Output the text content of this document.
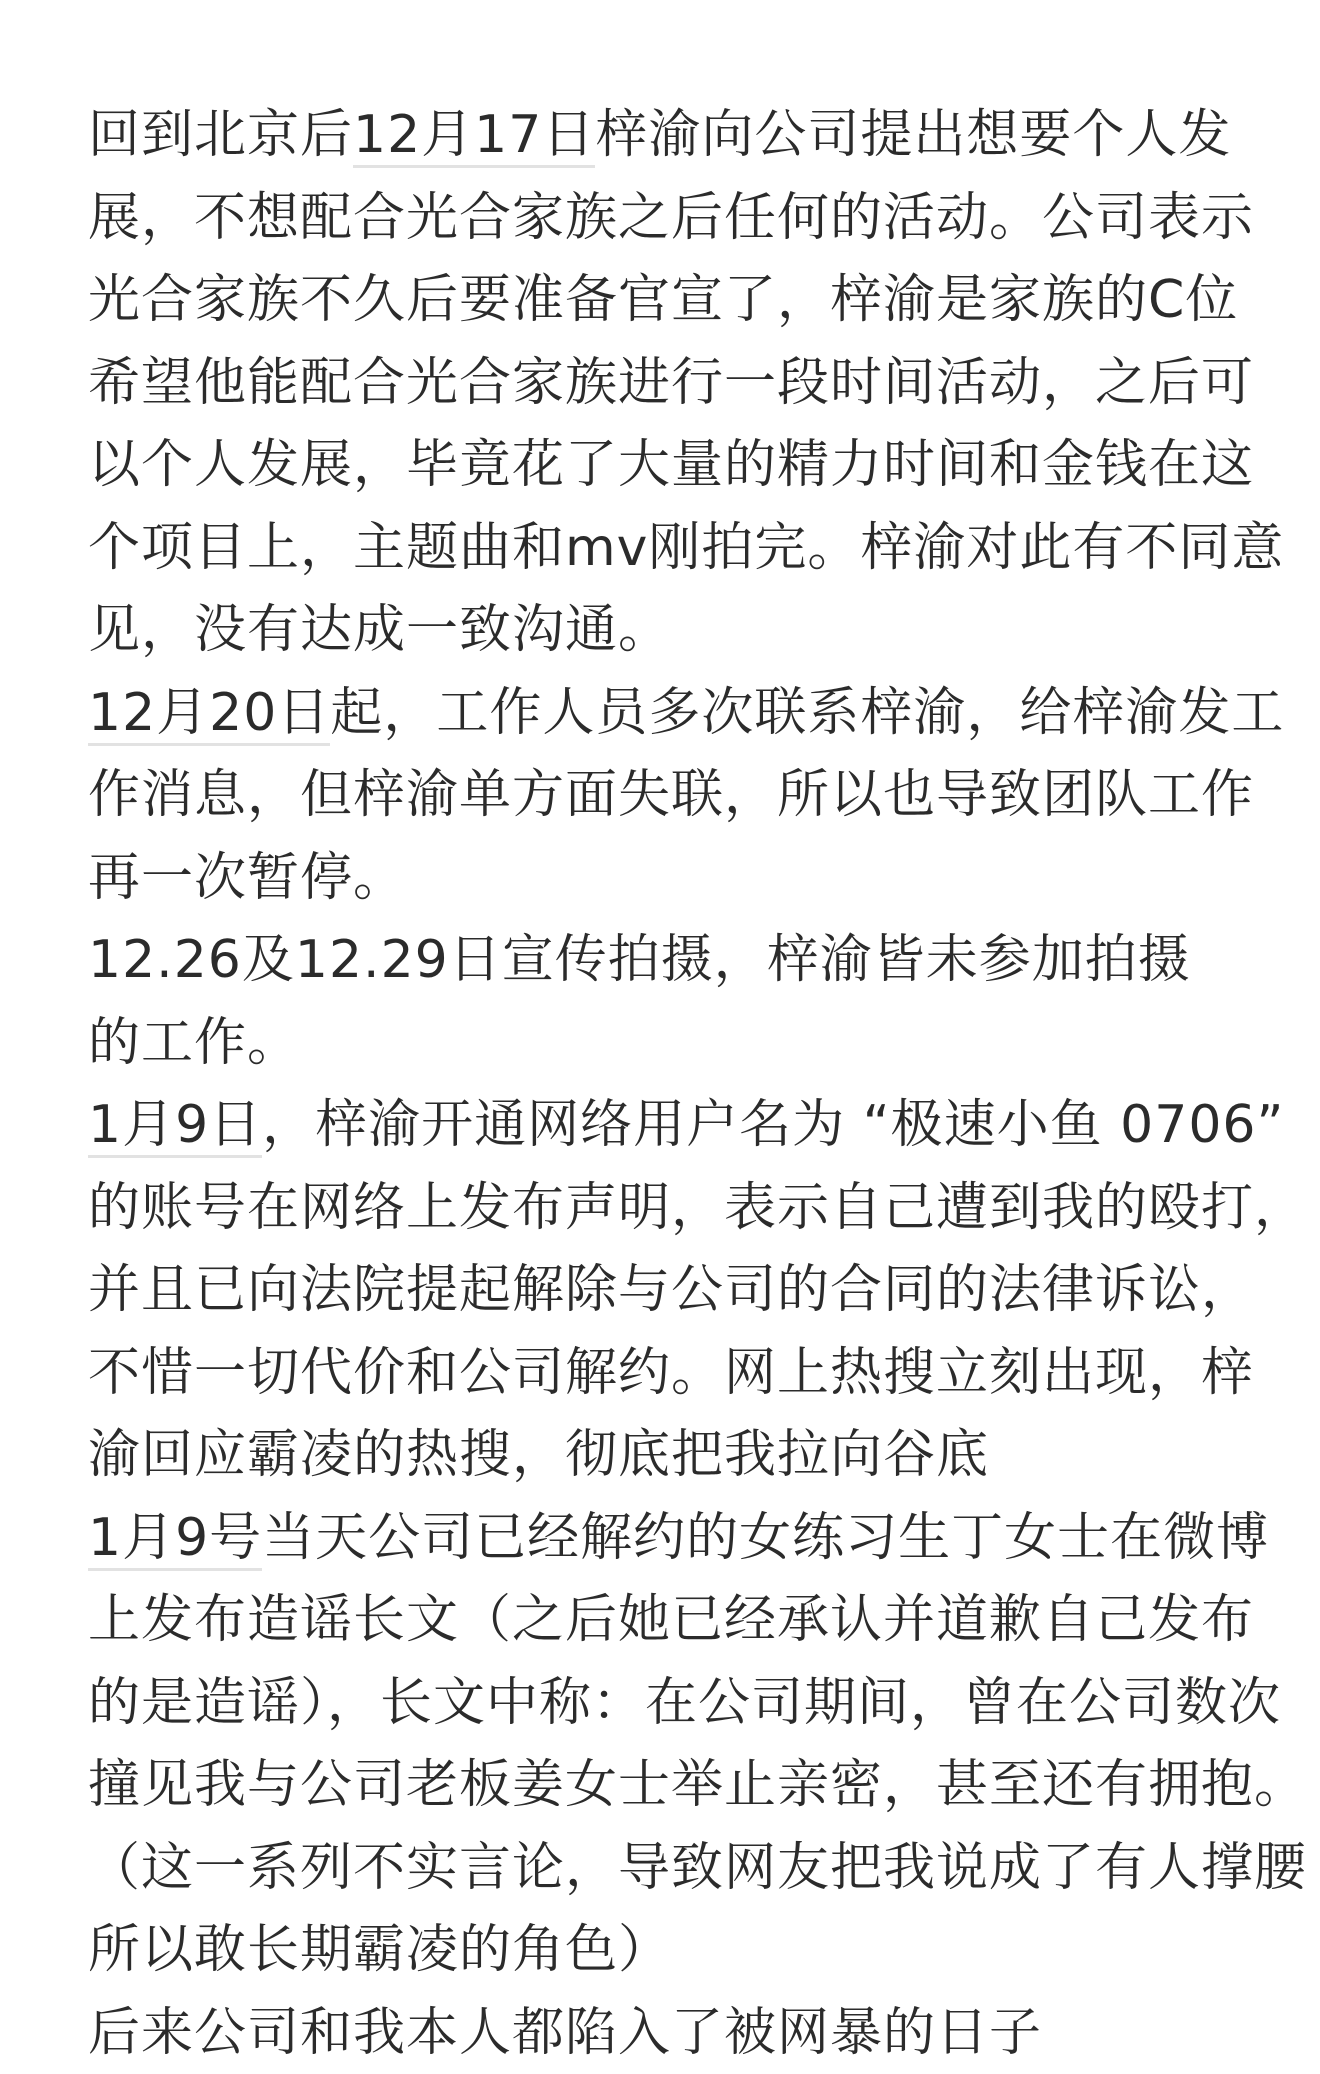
回到北京后12月17日梓渝向公司提出想要个人发
展，不想配合光合家族之后任何的活动。公司表示
光合家族不久后要准备官宣了，梓渝是家族的C位
希望他能配合光合家族进行一段时间活动，之后可
以个人发展，毕竟花了大量的精力时间和金钱在这
个项目上，主题曲和mv刚拍完。梓渝对此有不同意
见，没有达成一致沟通。
12月20日起，工作人员多次联系梓渝，给梓渝发工
作消息，但梓渝单方面失联，所以也导致团队工作
再一次暂停。
12.26及12.29日宣传拍摄，梓渝皆未参加拍摄
的工作。
1月9日，梓渝开通网络用户名为 “极速小鱼 0706”
的账号在网络上发布声明，表示自己遭到我的殴打，
并且已向法院提起解除与公司的合同的法律诉讼，
不惜一切代价和公司解约。网上热搜立刻出现，梓
渝回应霸凌的热搜，彻底把我拉向谷底
1月9号当天公司已经解约的女练习生丁女士在微博
上发布造谣长文（之后她已经承认并道歉自己发布
的是造谣），长文中称：在公司期间，曾在公司数次
撞见我与公司老板姜女士举止亲密，甚至还有拥抱。
（这一系列不实言论，导致网友把我说成了有人撑腰
所以敢长期霸凌的角色）
后来公司和我本人都陷入了被网暴的日子
